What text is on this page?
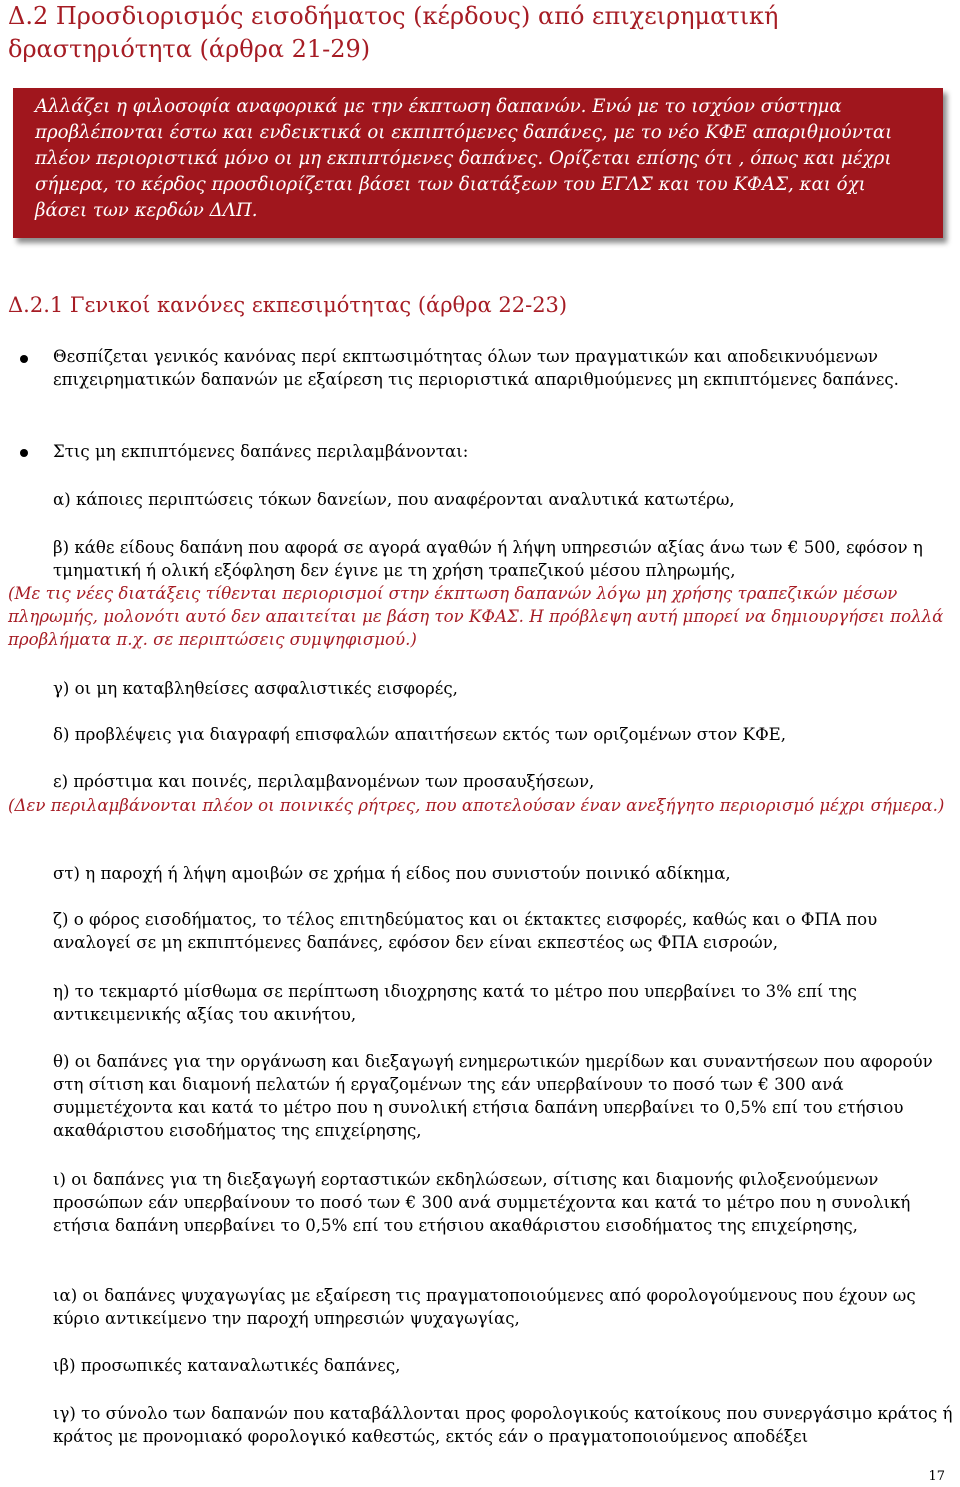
Δ.2 Προσδιορισμός εισοδήματος (κέρδους) από επιχειρηματική δραστηριότητα (άρθρα 21-29)

Αλλάζει η φιλοσοφία αναφορικά με την έκπτωση δαπανών. Ενώ με το ισχύον σύστημα προβλέπονται έστω και ενδεικτικά οι εκπιπτόμενες δαπάνες, με το νέο ΚΦΕ απαριθμούνται πλέον περιοριστικά μόνο οι μη εκπιπτόμενες δαπάνες. Ορίζεται επίσης ότι , όπως και μέχρι σήμερα, το κέρδος προσδιορίζεται βάσει των διατάξεων του ΕΓΛΣ και του ΚΦΑΣ, και όχι βάσει των κερδών ΔΛΠ.

Δ.2.1 Γενικοί κανόνες εκπεσιμότητας (άρθρα 22-23)
Θεσπίζεται γενικός κανόνας περί εκπτωσιμότητας όλων των πραγματικών και αποδεικνυόμενων επιχειρηματικών δαπανών με εξαίρεση τις περιοριστικά απαριθμούμενες μη εκπιπτόμενες δαπάνες.
Στις μη εκπιπτόμενες δαπάνες περιλαμβάνονται:
α) κάποιες περιπτώσεις τόκων δανείων, που αναφέρονται αναλυτικά κατωτέρω,
β) κάθε είδους δαπάνη που αφορά σε αγορά αγαθών ή λήψη υπηρεσιών αξίας άνω των € 500, εφόσον η τμηματική ή ολική εξόφληση δεν έγινε με τη χρήση τραπεζικού μέσου πληρωμής,
(Με τις νέες διατάξεις τίθενται περιορισμοί στην έκπτωση δαπανών λόγω μη χρήσης τραπεζικών μέσων πληρωμής, μολονότι αυτό δεν απαιτείται με βάση τον ΚΦΑΣ. Η πρόβλεψη αυτή μπορεί να δημιουργήσει πολλά προβλήματα π.χ. σε περιπτώσεις συμψηφισμού.)
γ) οι μη καταβληθείσες ασφαλιστικές εισφορές,
δ) προβλέψεις για διαγραφή επισφαλών απαιτήσεων εκτός των οριζομένων στον ΚΦΕ,
ε) πρόστιμα και ποινές, περιλαμβανομένων των προσαυξήσεων,
(Δεν περιλαμβάνονται πλέον οι ποινικές ρήτρες, που αποτελούσαν έναν ανεξήγητο περιορισμό μέχρι σήμερα.)
στ) η παροχή ή λήψη αμοιβών σε χρήμα ή είδος που συνιστούν ποινικό αδίκημα,
ζ) ο φόρος εισοδήματος, το τέλος επιτηδεύματος και οι έκτακτες εισφορές, καθώς και ο ΦΠΑ που αναλογεί σε μη εκπιπτόμενες δαπάνες, εφόσον δεν είναι εκπεστέος ως ΦΠΑ εισροών,
η) το τεκμαρτό μίσθωμα σε περίπτωση ιδιοχρησης κατά το μέτρο που υπερβαίνει το 3% επί της αντικειμενικής αξίας του ακινήτου,
θ) οι δαπάνες για την οργάνωση και διεξαγωγή ενημερωτικών ημερίδων και συναντήσεων που αφορούν στη σίτιση και διαμονή πελατών ή εργαζομένων της εάν υπερβαίνουν το ποσό των € 300 ανά συμμετέχοντα και κατά το μέτρο που η συνολική ετήσια δαπάνη υπερβαίνει το 0,5% επί του ετήσιου ακαθάριστου εισοδήματος της επιχείρησης,
ι) οι δαπάνες για τη διεξαγωγή εορταστικών εκδηλώσεων, σίτισης και διαμονής φιλοξενούμενων προσώπων εάν υπερβαίνουν το ποσό των € 300 ανά συμμετέχοντα και κατά το μέτρο που η συνολική ετήσια δαπάνη υπερβαίνει το 0,5% επί του ετήσιου ακαθάριστου εισοδήματος της επιχείρησης,
ια) οι δαπάνες ψυχαγωγίας με εξαίρεση τις πραγματοποιούμενες από φορολογούμενους που έχουν ως κύριο αντικείμενο την παροχή υπηρεσιών ψυχαγωγίας,
ιβ) προσωπικές καταναλωτικές δαπάνες,
ιγ) το σύνολο των δαπανών που καταβάλλονται προς φορολογικούς κατοίκους που συνεργάσιμο κράτος ή κράτος με προνομιακό φορολογικό καθεστώς, εκτός εάν ο πραγματοποιούμενος αποδέξει
17
